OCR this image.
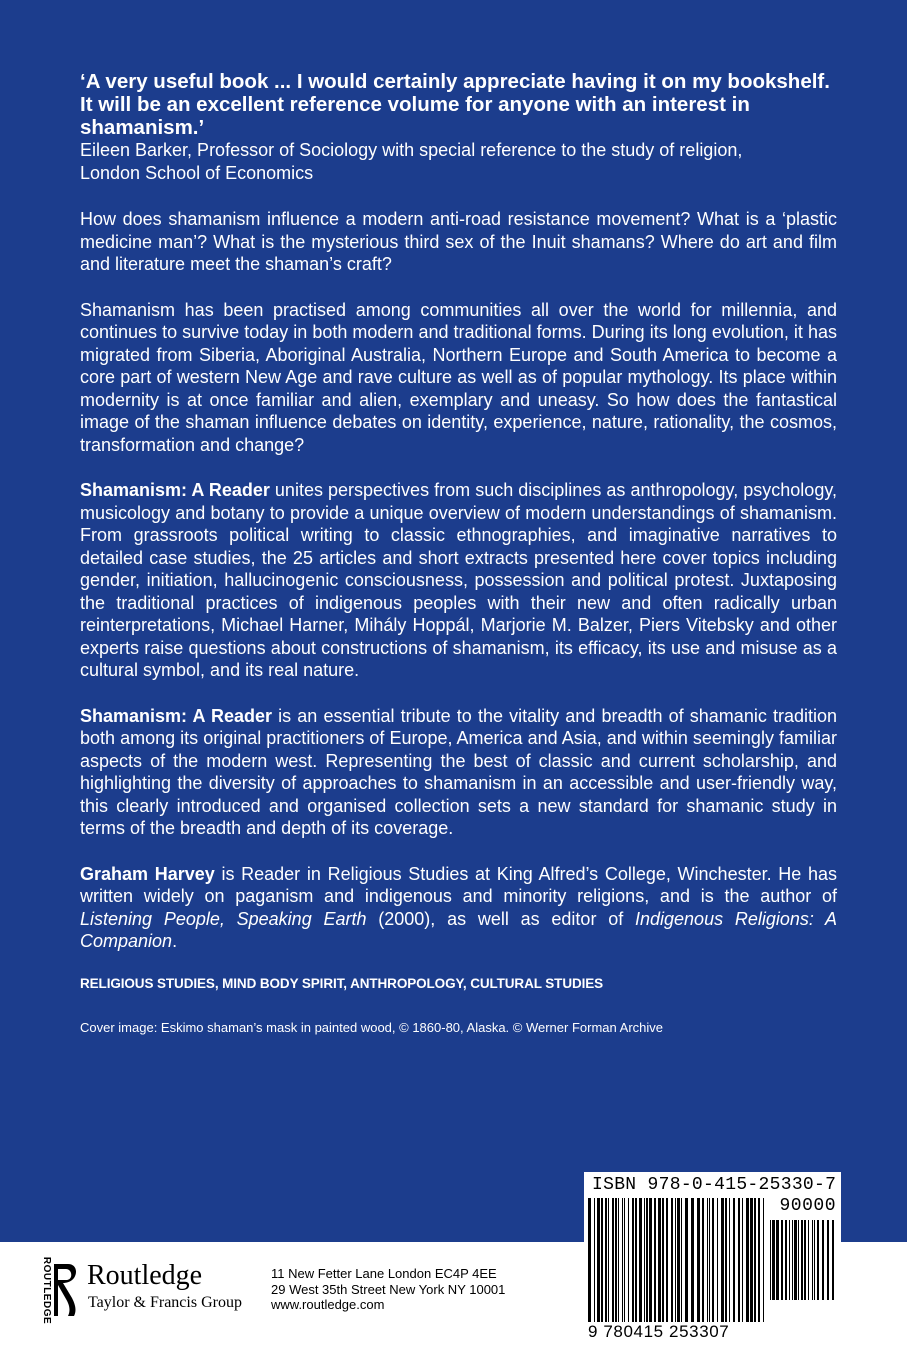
‘A very useful book ... I would certainly appreciate having it on my bookshelf. It will be an excellent reference volume for anyone with an interest in shamanism.’

Eileen Barker, Professor of Sociology with special reference to the study of religion,
London School of Economics

How does shamanism influence a modern anti-road resistance movement? What is a ‘plastic medicine man’? What is the mysterious third sex of the Inuit shamans? Where do art and film and literature meet the shaman’s craft?

Shamanism has been practised among communities all over the world for millennia, and continues to survive today in both modern and traditional forms. During its long evolution, it has migrated from Siberia, Aboriginal Australia, Northern Europe and South America to become a core part of western New Age and rave culture as well as of popular mythology. Its place within modernity is at once familiar and alien, exemplary and uneasy. So how does the fantastical image of the shaman influence debates on identity, experience, nature, rationality, the cosmos, transformation and change?

Shamanism: A Reader unites perspectives from such disciplines as anthropology, psychology, musicology and botany to provide a unique overview of modern understandings of shamanism. From grassroots political writing to classic ethnographies, and imaginative narratives to detailed case studies, the 25 articles and short extracts presented here cover topics including gender, initiation, hallucinogenic consciousness, possession and political protest. Juxtaposing the traditional practices of indigenous peoples with their new and often radically urban reinterpretations, Michael Harner, Mihály Hoppál, Marjorie M. Balzer, Piers Vitebsky and other experts raise questions about constructions of shamanism, its efficacy, its use and misuse as a cultural symbol, and its real nature.

Shamanism: A Reader is an essential tribute to the vitality and breadth of shamanic tradition both among its original practitioners of Europe, America and Asia, and within seemingly familiar aspects of the modern west. Representing the best of classic and current scholarship, and highlighting the diversity of approaches to shamanism in an accessible and user-friendly way, this clearly introduced and organised collection sets a new standard for shamanic study in terms of the breadth and depth of its coverage.

Graham Harvey is Reader in Religious Studies at King Alfred’s College, Winchester. He has written widely on paganism and indigenous and minority religions, and is the author of Listening People, Speaking Earth (2000), as well as editor of Indigenous Religions: A Companion.

RELIGIOUS STUDIES, MIND BODY SPIRIT, ANTHROPOLOGY, CULTURAL STUDIES

Cover image: Eskimo shaman’s mask in painted wood, © 1860-80, Alaska. © Werner Forman Archive

ISBN 978-0-415-25330-7
90000
9 780415 253307
ROUTLEDGE Routledge
Taylor & Francis Group
11 New Fetter Lane London EC4P 4EE
29 West 35th Street New York NY 10001
www.routledge.com
